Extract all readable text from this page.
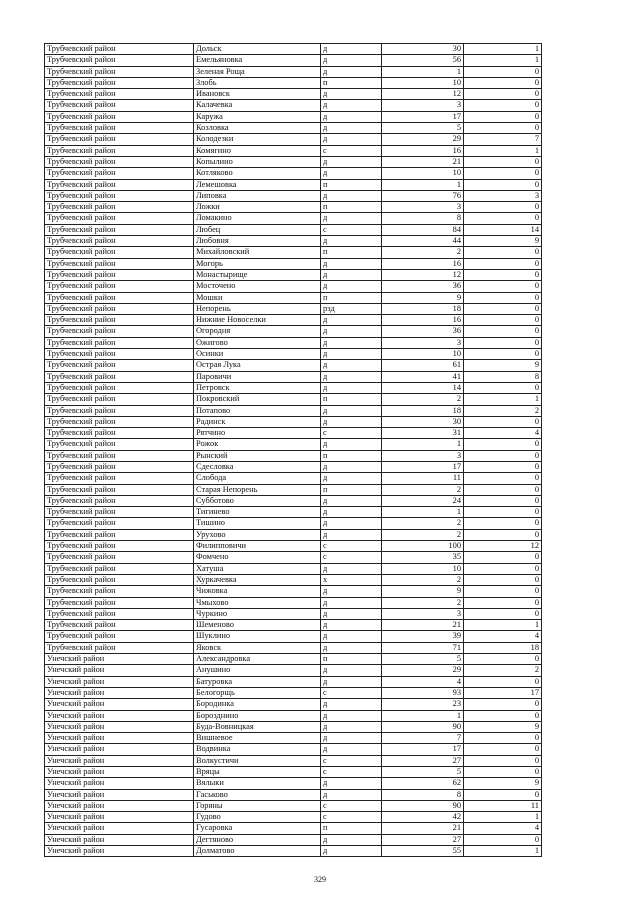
Трубчевский район	Дольск	д	30	1
Трубчевский район	Емельяновка	д	56	1
Трубчевский район	Зеленая Роща	д	1	0
Трубчевский район	Злобь	п	10	0
Трубчевский район	Ивановск	д	12	0
Трубчевский район	Калачевка	д	3	0
Трубчевский район	Каружа	д	17	0
Трубчевский район	Козловка	д	5	0
Трубчевский район	Колодезки	д	29	7
Трубчевский район	Комягино	с	16	1
Трубчевский район	Копылино	д	21	0
Трубчевский район	Котляково	д	10	0
Трубчевский район	Лемешовка	п	1	0
Трубчевский район	Липовка	д	76	3
Трубчевский район	Ложки	п	3	0
Трубчевский район	Ломакино	д	8	0
Трубчевский район	Любец	с	84	14
Трубчевский район	Любовня	д	44	9
Трубчевский район	Михайловский	п	2	0
Трубчевский район	Могорь	д	16	0
Трубчевский район	Монастырище	д	12	0
Трубчевский район	Мосточено	д	36	0
Трубчевский район	Мошки	п	9	0
Трубчевский район	Непорень	рзд	18	0
Трубчевский район	Нижние Новоселки	д	16	0
Трубчевский район	Огородня	д	36	0
Трубчевский район	Ожигово	д	3	0
Трубчевский район	Осинки	д	10	0
Трубчевский район	Острая Лука	д	61	9
Трубчевский район	Паровичи	д	41	8
Трубчевский район	Петровск	д	14	0
Трубчевский район	Покровский	п	2	1
Трубчевский район	Потапово	д	18	2
Трубчевский район	Радинск	д	30	0
Трубчевский район	Рятчино	с	31	4
Трубчевский район	Рожок	д	1	0
Трубчевский район	Рынский	п	3	0
Трубчевский район	Сдесловка	д	17	0
Трубчевский район	Слобода	д	11	0
Трубчевский район	Старая Непорень	п	2	0
Трубчевский район	Субботово	д	24	0
Трубчевский район	Тигинево	д	1	0
Трубчевский район	Тишино	д	2	0
Трубчевский район	Урухово	д	2	0
Трубчевский район	Филипповичи	с	100	12
Трубчевский район	Фомчено	с	35	0
Трубчевский район	Хатуша	д	10	0
Трубчевский район	Хуркачевка	х	2	0
Трубчевский район	Чижовка	д	9	0
Трубчевский район	Чмыхово	д	2	0
Трубчевский район	Чуркино	д	3	0
Трубчевский район	Шеменово	д	21	1
Трубчевский район	Шуклино	д	39	4
Трубчевский район	Яковск	д	71	18
Унечский район	Александровка	п	5	0
Унечский район	Анушино	д	29	2
Унечский район	Батуровка	д	4	0
Унечский район	Белогорщь	с	93	17
Унечский район	Бородинка	д	23	0
Унечский район	Борозднино	д	1	0
Унечский район	Буда-Вовницкая	д	90	9
Унечский район	Вишневое	д	7	0
Унечский район	Водвинка	д	17	0
Унечский район	Волкустичи	с	27	0
Унечский район	Вряцы	с	5	0
Унечский район	Вялыки	д	62	9
Унечский район	Гаськово	д	8	0
Унечский район	Горяны	с	90	11
Унечский район	Гудово	с	42	1
Унечский район	Гусаровка	п	21	4
Унечский район	Дегтяново	д	27	0
Унечский район	Долматово	д	55	1
329
